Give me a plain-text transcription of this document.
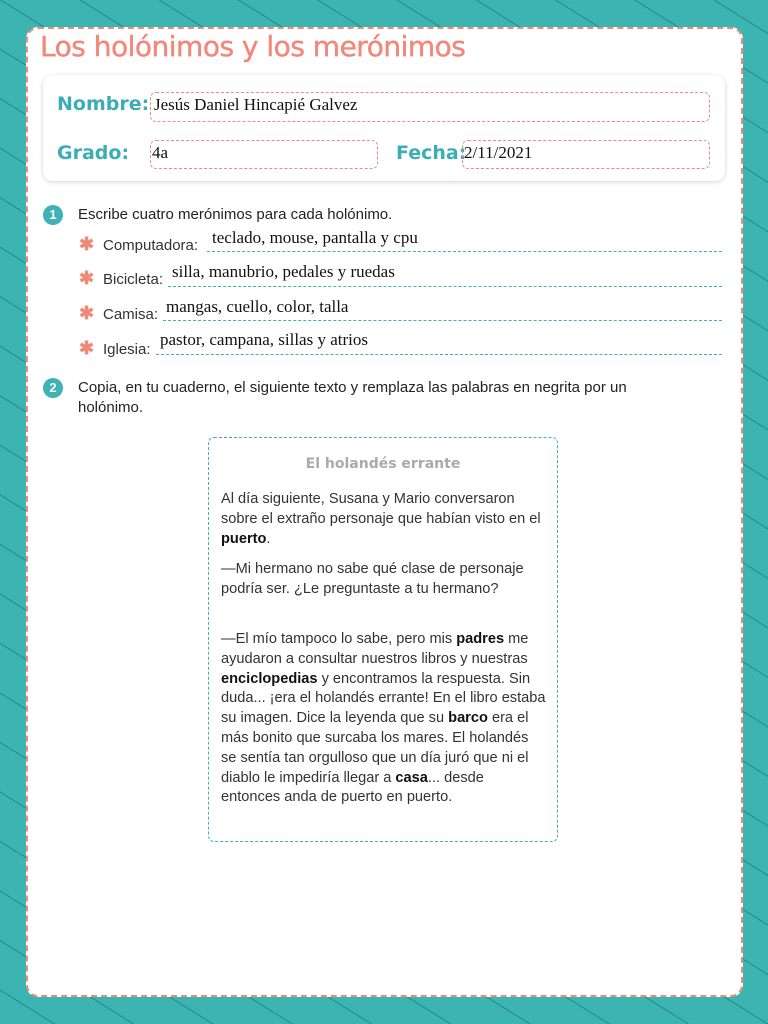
Los holónimos y los merónimos
Nombre: Jesús Daniel Hincapié Galvez
Grado: 4a	Fecha:
2/11/2021
1	Escribe cuatro merónimos para cada holónimo.
✱ Computadora: teclado, mouse, pantalla y cpu
✱ Bicicleta: silla, manubrio, pedales y ruedas
✱ Camisa: mangas, cuello, color, talla
✱ Iglesia:
pastor, campana, sillas y atrios
2	Copia, en tu cuaderno, el siguiente texto y remplaza las palabras en negrita por un
holónimo.
El holandés errante

Al día siguiente, Susana y Mario conversaron sobre el extraño personaje que habían visto en el puerto.

—Mi hermano no sabe qué clase de personaje podría ser. ¿Le preguntaste a tu hermano?

—El mío tampoco lo sabe, pero mis padres me ayudaron a consultar nuestros libros y nuestras enciclopedias y encontramos la respuesta. Sin duda... ¡era el holandés errante! En el libro estaba su imagen. Dice la leyenda que su barco era el más bonito que surcaba los mares. El holandés se sentía tan orgulloso que un día juró que ni el diablo le impediría llegar a casa... desde entonces anda de puerto en puerto.
